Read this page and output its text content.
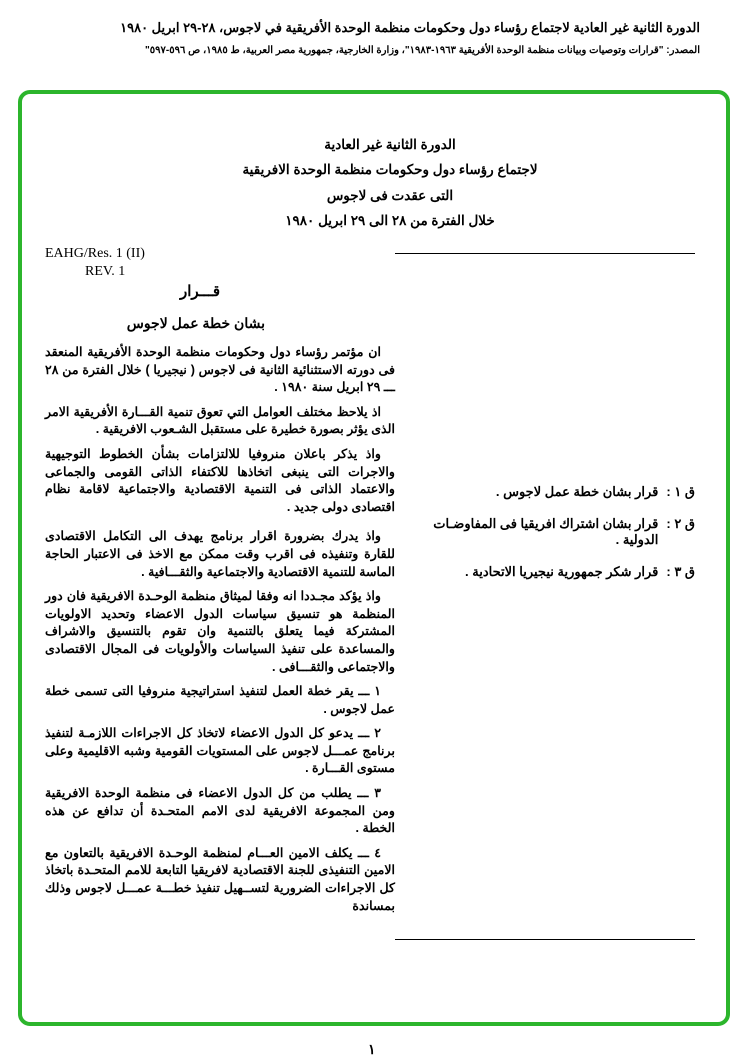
الدورة الثانية غير العادية لاجتماع رؤساء دول وحكومات منظمة الوحدة الأفريقية في لاجوس، ٢٨-٢٩ ابريل ١٩٨٠
المصدر: "قرارات وتوصيات وبيانات منظمة الوحدة الأفريقية ١٩٦٣-١٩٨٣"، وزارة الخارجية، جمهورية مصر العربية، ط ١٩٨٥، ص ٥٩٦-٥٩٧"
الدورة الثانية غير العادية
لاجتماع رؤساء دول وحكومات منظمة الوحدة الافريقية
التى عقدت فى لاجوس
خلال الفترة من ٢٨ الى ٢٩ ابريل ١٩٨٠
EAHG/Res. 1 (II)
REV. 1
قـــرار
بشان خطة عمل لاجوس

ان مؤتمر رؤساء دول وحكومات منظمة الوحدة الأفريقية المنعقد فى دورته الاستثنائية الثانية فى لاجوس ( نيجيريا ) خلال الفترة من ٢٨ ـــ ٢٩ ابريل سنة ١٩٨٠ .

اذ يلاحظ مختلف العوامل التي تعوق تنمية القـــارة الأفريقية الامر الذى يؤثر بصورة خطيرة على مستقبل الشـعوب الافريقية .

واذ يذكر باعلان منروفيا للالتزامات بشأن الخطوط التوجيهية والاجرات التى ينبغى اتخاذها للاكتفاء الذاتى القومى والجماعى والاعتماد الذاتى فى التنمية الاقتصادية والاجتماعية لاقامة نظام اقتصادى دولى جديد .

واذ يدرك بضرورة اقرار برنامج يهدف الى التكامل الاقتصادى للقارة وتنفيذه فى اقرب وقت ممكن مع الاخذ فى الاعتبار الحاجة الماسة للتنمية الاقتصادية والاجتماعية والثقـــافية .

واذ يؤكد مجـددا انه وفقا لميثاق منظمة الوحـدة الافريقية فان دور المنظمة هو تنسيق سياسات الدول الاعضاء وتحديد الاولويات المشتركة فيما يتعلق بالتنمية وان تقوم بالتنسيق والاشراف والمساعدة على تنفيذ السياسات والأولويات فى المجال الاقتصادى والاجتماعى والثقـــافى .

١ ـــ يقر خطة العمل لتنفيذ استراتيجية منروفيا التى تسمى خطة عمل لاجوس .

٢ ـــ يدعو كل الدول الاعضاء لاتخاذ كل الاجراءات اللازمـة لتنفيذ برنامج عمـــل لاجوس على المستويات القومية وشبه الاقليمية وعلى مستوى القـــارة .

٣ ـــ يطلب من كل الدول الاعضاء فى منظمة الوحدة الافريقية ومن المجموعة الافريقية لدى الامم المتحـدة أن تدافع عن هذه الخطة .

٤ ـــ يكلف الامين العـــام لمنظمة الوحـدة الافريقية بالتعاون مع الامين التنفيذى للجنة الاقتصادية لافريقيا التابعة للامم المتحـدة باتخاذ كل الاجراءات الضرورية لتســهيل تنفيذ خطـــة عمـــل لاجوس وذلك بمساندة

ق ١ :
قرار بشان خطة عمل لاجوس .
ق ٢ :
قرار بشان اشتراك افريقيا فى المفاوضـات الدولية .
ق ٣ :
قرار شكر جمهورية نيجيريا الاتحادية .
١
